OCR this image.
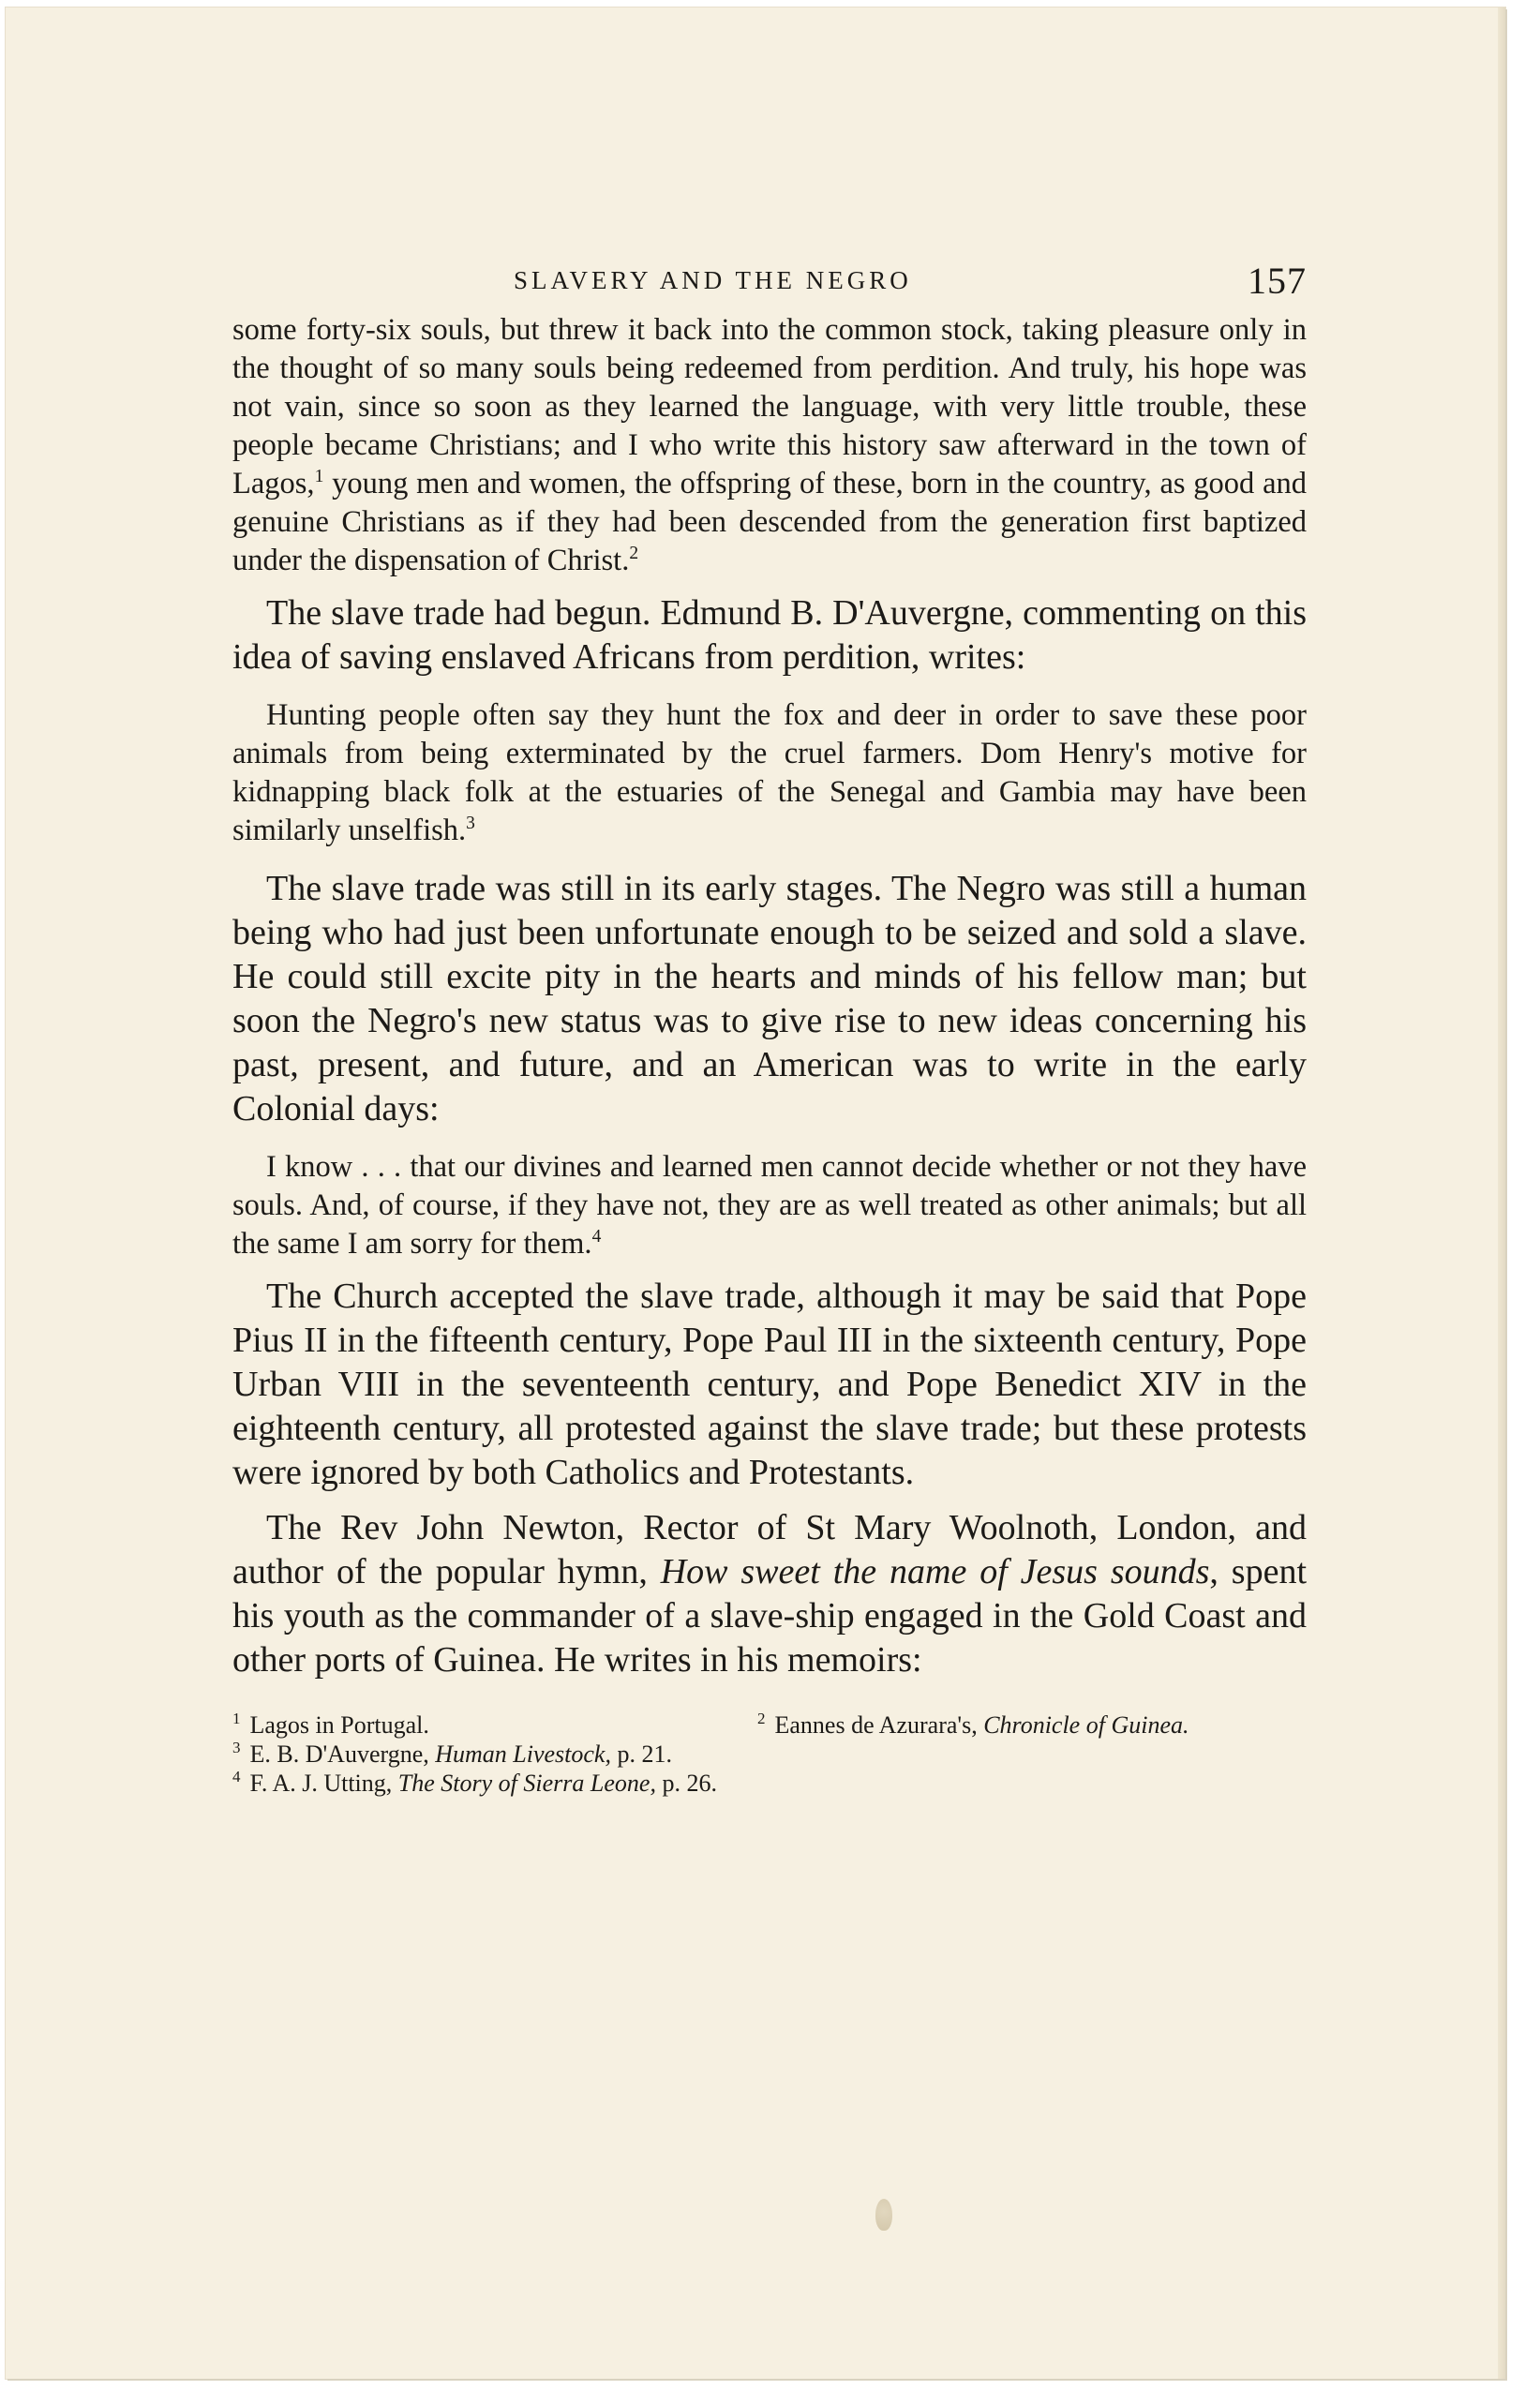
SLAVERY AND THE NEGRO	157

some forty-six souls, but threw it back into the common stock, taking pleasure only in the thought of so many souls being redeemed from perdition. And truly, his hope was not vain, since so soon as they learned the language, with very little trouble, these people became Christians; and I who write this history saw afterward in the town of Lagos,$^1$ young men and women, the offspring of these, born in the country, as good and genuine Christians as if they had been descended from the generation first baptized under the dispensation of Christ.$^2$

The slave trade had begun. Edmund B. D'Auvergne, commenting on this idea of saving enslaved Africans from perdition, writes:

Hunting people often say they hunt the fox and deer in order to save these poor animals from being exterminated by the cruel farmers. Dom Henry's motive for kidnapping black folk at the estuaries of the Senegal and Gambia may have been similarly unselfish.$^3$

The slave trade was still in its early stages. The Negro was still a human being who had just been unfortunate enough to be seized and sold a slave. He could still excite pity in the hearts and minds of his fellow man; but soon the Negro's new status was to give rise to new ideas concerning his past, present, and future, and an American was to write in the early Colonial days:

I know . . . that our divines and learned men cannot decide whether or not they have souls. And, of course, if they have not, they are as well treated as other animals; but all the same I am sorry for them.$^4$

The Church accepted the slave trade, although it may be said that Pope Pius II in the fifteenth century, Pope Paul III in the sixteenth century, Pope Urban VIII in the seventeenth century, and Pope Benedict XIV in the eighteenth century, all protested against the slave trade; but these protests were ignored by both Catholics and Protestants.

The Rev John Newton, Rector of St Mary Woolnoth, London, and author of the popular hymn, How sweet the name of Jesus sounds, spent his youth as the commander of a slave-ship engaged in the Gold Coast and other ports of Guinea. He writes in his memoirs:

$^1$ Lagos in Portugal.	$^2$ Eannes de Azurara's, Chronicle of Guinea.
$^3$ E. B. D'Auvergne, Human Livestock, p. 21.
$^4$ F. A. J. Utting, The Story of Sierra Leone, p. 26.
